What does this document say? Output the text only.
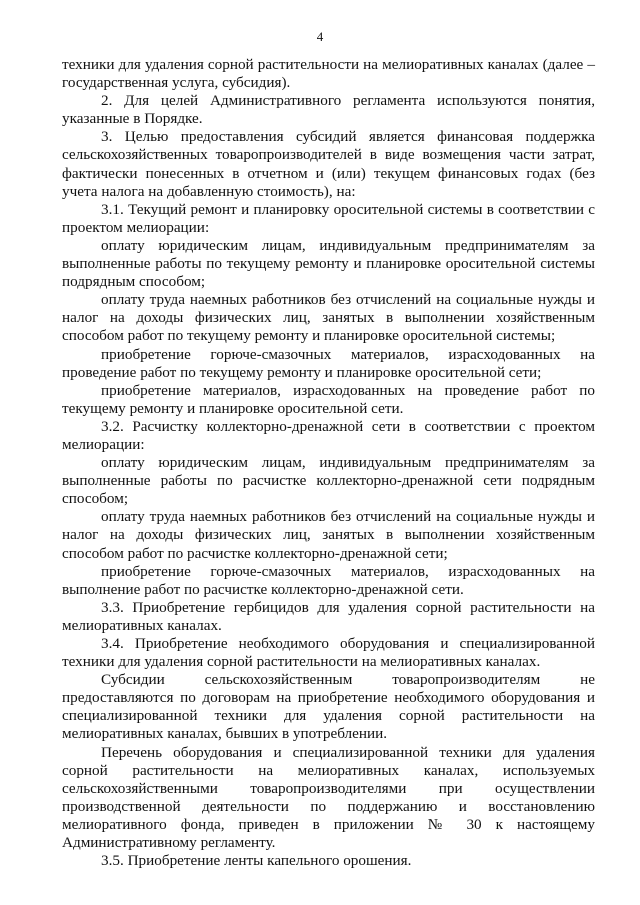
4

техники для удаления сорной растительности на мелиоративных каналах (далее – государственная услуга, субсидия).

2. Для целей Административного регламента используются понятия, указанные в Порядке.

3. Целью предоставления субсидий является финансовая поддержка сельскохозяйственных товаропроизводителей в виде возмещения части затрат, фактически понесенных в отчетном и (или) текущем финансовых годах (без учета налога на добавленную стоимость), на:

3.1. Текущий ремонт и планировку оросительной системы в соответствии с проектом мелиорации:

оплату юридическим лицам, индивидуальным предпринимателям за выполненные работы по текущему ремонту и планировке оросительной системы подрядным способом;

оплату труда наемных работников без отчислений на социальные нужды и налог на доходы физических лиц, занятых в выполнении хозяйственным способом работ по текущему ремонту и планировке оросительной системы;

приобретение горюче-смазочных материалов, израсходованных на проведение работ по текущему ремонту и планировке оросительной сети;

приобретение материалов, израсходованных на проведение работ по текущему ремонту и планировке оросительной сети.

3.2. Расчистку коллекторно-дренажной сети в соответствии с проектом мелиорации:

оплату юридическим лицам, индивидуальным предпринимателям за выполненные работы по расчистке коллекторно-дренажной сети подрядным способом;

оплату труда наемных работников без отчислений на социальные нужды и налог на доходы физических лиц, занятых в выполнении хозяйственным способом работ по расчистке коллекторно-дренажной сети;

приобретение горюче-смазочных материалов, израсходованных на выполнение работ по расчистке коллекторно-дренажной сети.

3.3. Приобретение гербицидов для удаления сорной растительности на мелиоративных каналах.

3.4. Приобретение необходимого оборудования и специализированной техники для удаления сорной растительности на мелиоративных каналах.

Субсидии сельскохозяйственным товаропроизводителям не предоставляются по договорам на приобретение необходимого оборудования и специализированной техники для удаления сорной растительности на мелиоративных каналах, бывших в употреблении.

Перечень оборудования и специализированной техники для удаления сорной растительности на мелиоративных каналах, используемых сельскохозяйственными товаропроизводителями при осуществлении производственной деятельности по поддержанию и восстановлению мелиоративного фонда, приведен в приложении № 30 к настоящему Административному регламенту.

3.5. Приобретение ленты капельного орошения.
